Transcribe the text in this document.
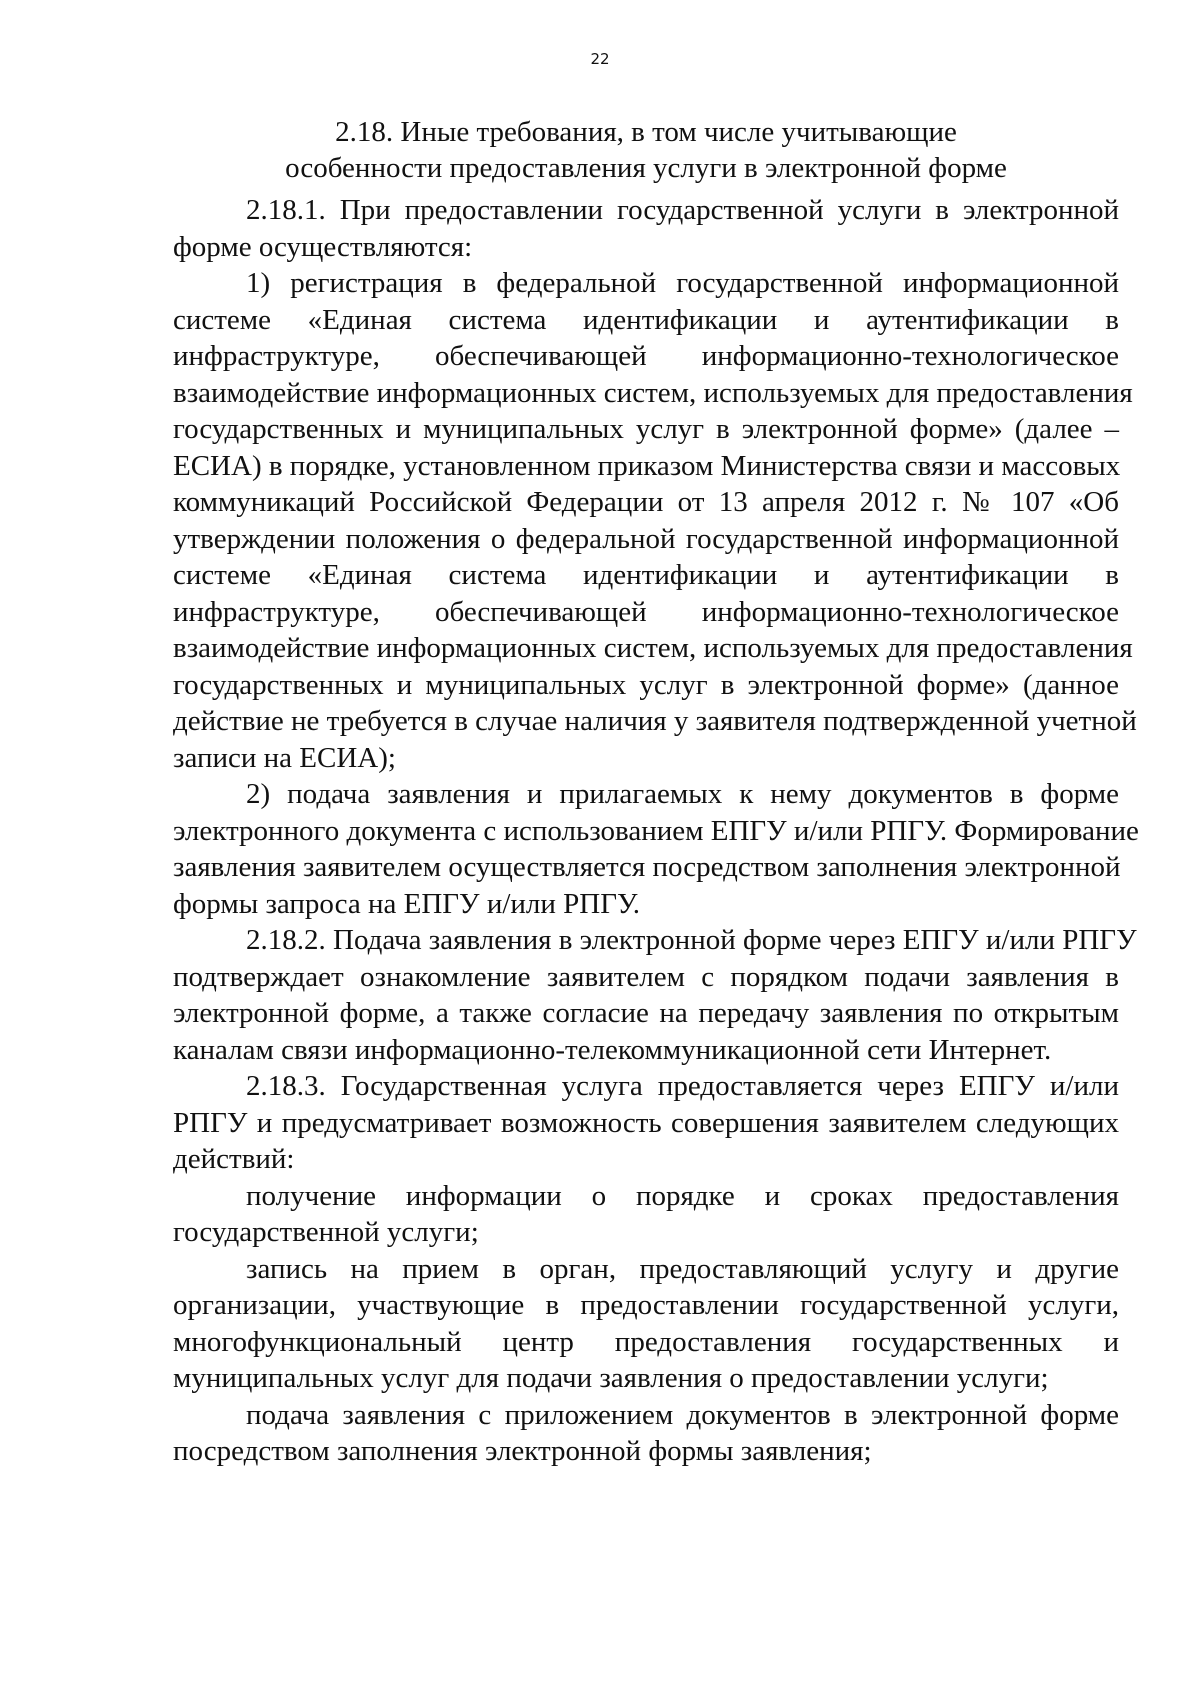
22
2.18. Иные требования, в том числе учитывающие
особенности предоставления услуги в электронной форме
2.18.1. При предоставлении государственной услуги в электронной
форме осуществляются:
1) регистрация в федеральной государственной информационной
системе «Единая система идентификации и аутентификации в
инфраструктуре, обеспечивающей информационно-технологическое
взаимодействие информационных систем, используемых для предоставления
государственных и муниципальных услуг в электронной форме» (далее –
ЕСИА) в порядке, установленном приказом Министерства связи и массовых
коммуникаций Российской Федерации от 13 апреля 2012 г. № 107 «Об
утверждении положения о федеральной государственной информационной
системе «Единая система идентификации и аутентификации в
инфраструктуре, обеспечивающей информационно-технологическое
взаимодействие информационных систем, используемых для предоставления
государственных и муниципальных услуг в электронной форме» (данное
действие не требуется в случае наличия у заявителя подтвержденной учетной
записи на ЕСИА);
2) подача заявления и прилагаемых к нему документов в форме
электронного документа с использованием ЕПГУ и/или РПГУ. Формирование
заявления заявителем осуществляется посредством заполнения электронной
формы запроса на ЕПГУ и/или РПГУ.
2.18.2. Подача заявления в электронной форме через ЕПГУ и/или РПГУ
подтверждает ознакомление заявителем с порядком подачи заявления в
электронной форме, а также согласие на передачу заявления по открытым
каналам связи информационно-телекоммуникационной сети Интернет.
2.18.3. Государственная услуга предоставляется через ЕПГУ и/или
РПГУ и предусматривает возможность совершения заявителем следующих
действий:
получение информации о порядке и сроках предоставления
государственной услуги;
запись на прием в орган, предоставляющий услугу и другие
организации, участвующие в предоставлении государственной услуги,
многофункциональный центр предоставления государственных и
муниципальных услуг для подачи заявления о предоставлении услуги;
подача заявления с приложением документов в электронной форме
посредством заполнения электронной формы заявления;
